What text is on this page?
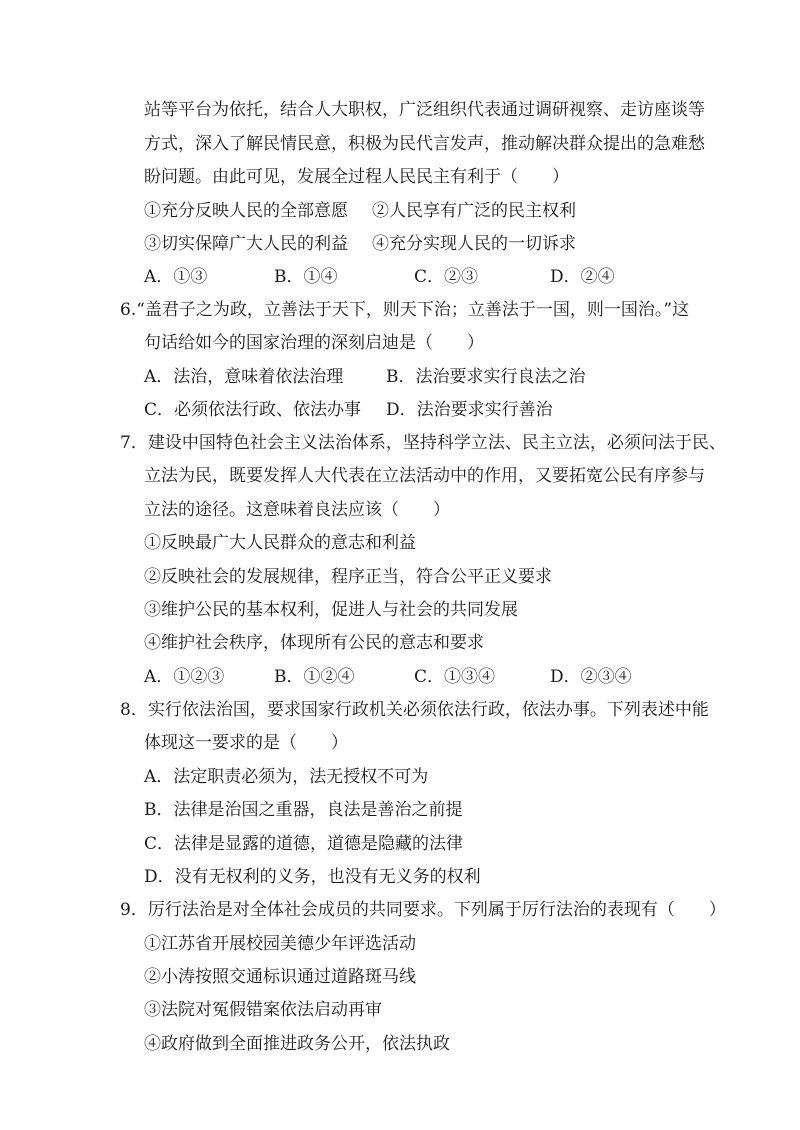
站等平台为依托，结合人大职权，广泛组织代表通过调研视察、走访座谈等
方式，深入了解民情民意，积极为民代言发声，推动解决群众提出的急难愁
盼问题。由此可见，发展全过程人民民主有利于（　　）
①充分反映人民的全部意愿 ②人民享有广泛的民主权利
③切实保障广大人民的利益 ④充分实现人民的一切诉求
A．①③	B．①④	C．②③	D．②④
6.“盖君子之为政，立善法于天下，则天下治；立善法于一国，则一国治。”这
句话给如今的国家治理的深刻启迪是（　　）
A．法治，意味着依法治理	B．法治要求实行良法之治
C．必须依法行政、依法办事 D．法治要求实行善治
7．建设中国特色社会主义法治体系，坚持科学立法、民主立法，必须问法于民、
立法为民，既要发挥人大代表在立法活动中的作用，又要拓宽公民有序参与
立法的途径。这意味着良法应该（　　）
①反映最广大人民群众的意志和利益
②反映社会的发展规律，程序正当，符合公平正义要求
③维护公民的基本权利，促进人与社会的共同发展
④维护社会秩序，体现所有公民的意志和要求
A．①②③	B．①②④	C．①③④	D．②③④
8．实行依法治国，要求国家行政机关必须依法行政，依法办事。下列表述中能
体现这一要求的是（　　）
A．法定职责必须为，法无授权不可为
B．法律是治国之重器，良法是善治之前提
C．法律是显露的道德，道德是隐藏的法律
D．没有无权利的义务，也没有无义务的权利
9．厉行法治是对全体社会成员的共同要求。下列属于厉行法治的表现有（　　）
①江苏省开展校园美德少年评选活动
②小涛按照交通标识通过道路斑马线
③法院对冤假错案依法启动再审
④政府做到全面推进政务公开，依法执政
